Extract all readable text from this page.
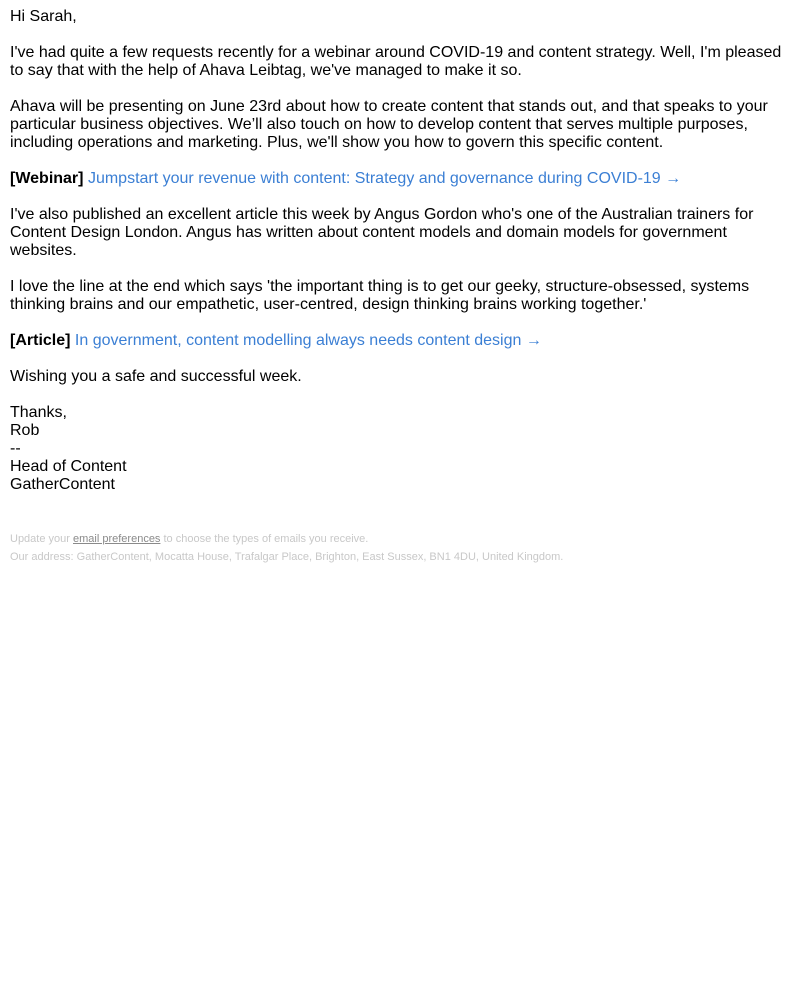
Hi Sarah,

I've had quite a few requests recently for a webinar around COVID-19 and content strategy. Well, I'm pleased to say that with the help of Ahava Leibtag, we've managed to make it so.

Ahava will be presenting on June 23rd about how to create content that stands out, and that speaks to your particular business objectives. We’ll also touch on how to develop content that serves multiple purposes, including operations and marketing. Plus, we'll show you how to govern this specific content.

[Webinar] Jumpstart your revenue with content: Strategy and governance during COVID-19 →

I've also published an excellent article this week by Angus Gordon who's one of the Australian trainers for Content Design London. Angus has written about content models and domain models for government websites.

I love the line at the end which says 'the important thing is to get our geeky, structure-obsessed, systems thinking brains and our empathetic, user-centred, design thinking brains working together.'

[Article] In government, content modelling always needs content design →

Wishing you a safe and successful week.

Thanks,

Rob

--

Head of Content

GatherContent

Update your email preferences to choose the types of emails you receive.

Our address: GatherContent, Mocatta House, Trafalgar Place, Brighton, East Sussex, BN1 4DU, United Kingdom.
